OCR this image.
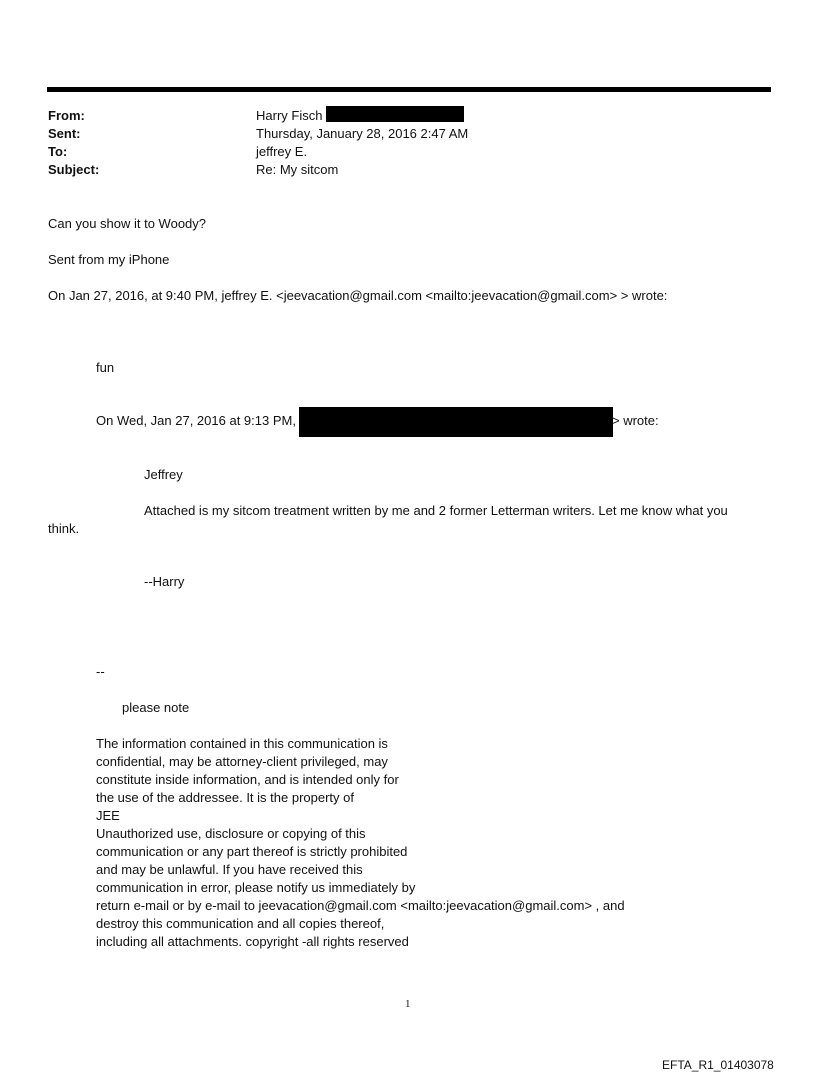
From:	Harry Fisch
Sent:	Thursday, January 28, 2016 2:47 AM
To:	jeffrey E.
Subject:	Re: My sitcom
Can you show it to Woody?
Sent from my iPhone
On Jan 27, 2016, at 9:40 PM, jeffrey E. <jeevacation@gmail.com <mailto:jeevacation@gmail.com> > wrote:
fun
On Wed, Jan 27, 2016 at 9:13 PM,	> wrote:
Jeffrey
Attached is my sitcom treatment written by me and 2 former Letterman writers. Let me know what you
think.
--Harry
--
please note
The information contained in this communication is
confidential, may be attorney-client privileged, may
constitute inside information, and is intended only for
the use of the addressee. It is the property of
JEE
Unauthorized use, disclosure or copying of this
communication or any part thereof is strictly prohibited
and may be unlawful. If you have received this
communication in error, please notify us immediately by
return e-mail or by e-mail to jeevacation@gmail.com <mailto:jeevacation@gmail.com> , and
destroy this communication and all copies thereof,
including all attachments. copyright -all rights reserved
1
EFTA_R1_01403078
